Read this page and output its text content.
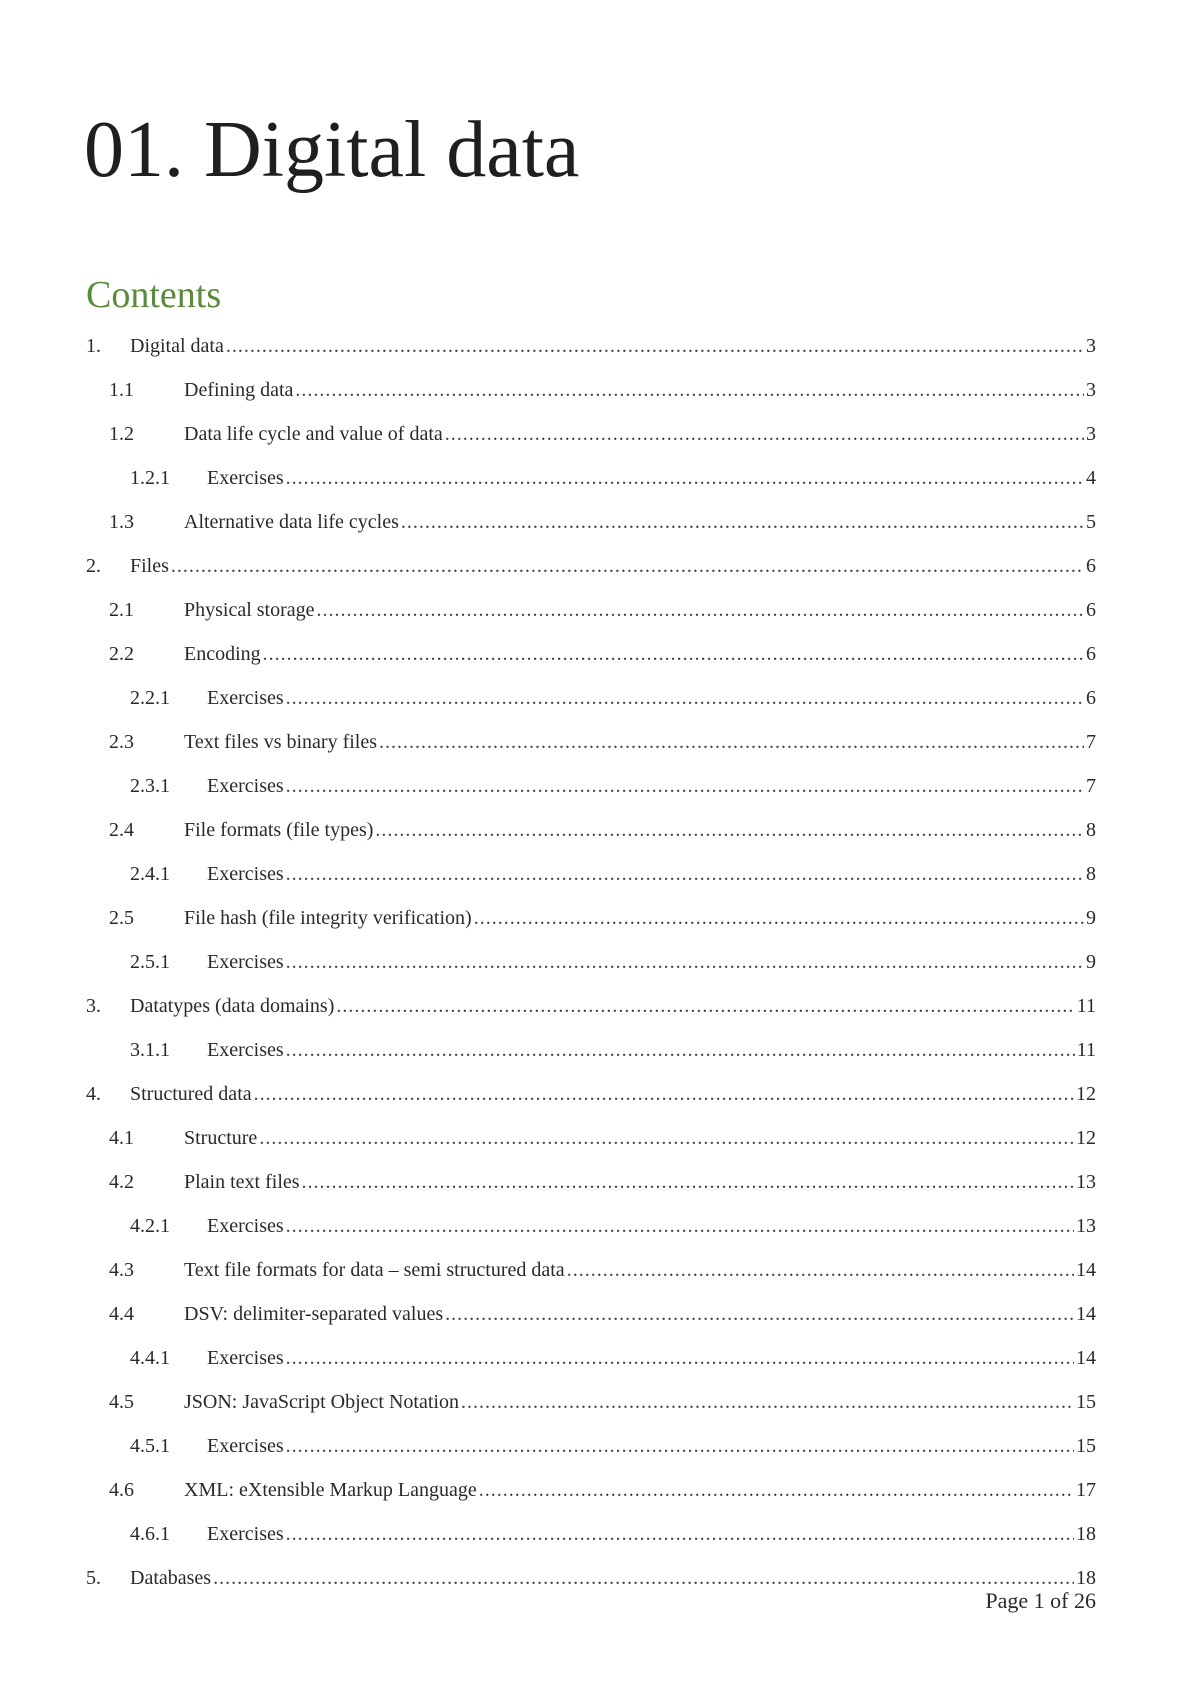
01. Digital data
Contents
1.	Digital data .....	3
1.1	Defining data .....	3
1.2	Data life cycle and value of data .....	3
1.2.1	Exercises .....	4
1.3	Alternative data life cycles .....	5
2.	Files .....	6
2.1	Physical storage .....	6
2.2	Encoding .....	6
2.2.1	Exercises .....	6
2.3	Text files vs binary files .....	7
2.3.1	Exercises .....	7
2.4	File formats (file types) .....	8
2.4.1	Exercises .....	8
2.5	File hash (file integrity verification) .....	9
2.5.1	Exercises .....	9
3.	Datatypes (data domains) .....	11
3.1.1	Exercises .....	11
4.	Structured data .....	12
4.1	Structure .....	12
4.2	Plain text files .....	13
4.2.1	Exercises .....	13
4.3	Text file formats for data – semi structured data .....	14
4.4	DSV: delimiter-separated values .....	14
4.4.1	Exercises .....	14
4.5	JSON: JavaScript Object Notation .....	15
4.5.1	Exercises .....	15
4.6	XML: eXtensible Markup Language .....	17
4.6.1	Exercises .....	18
5.	Databases .....	18
Page 1 of 26
